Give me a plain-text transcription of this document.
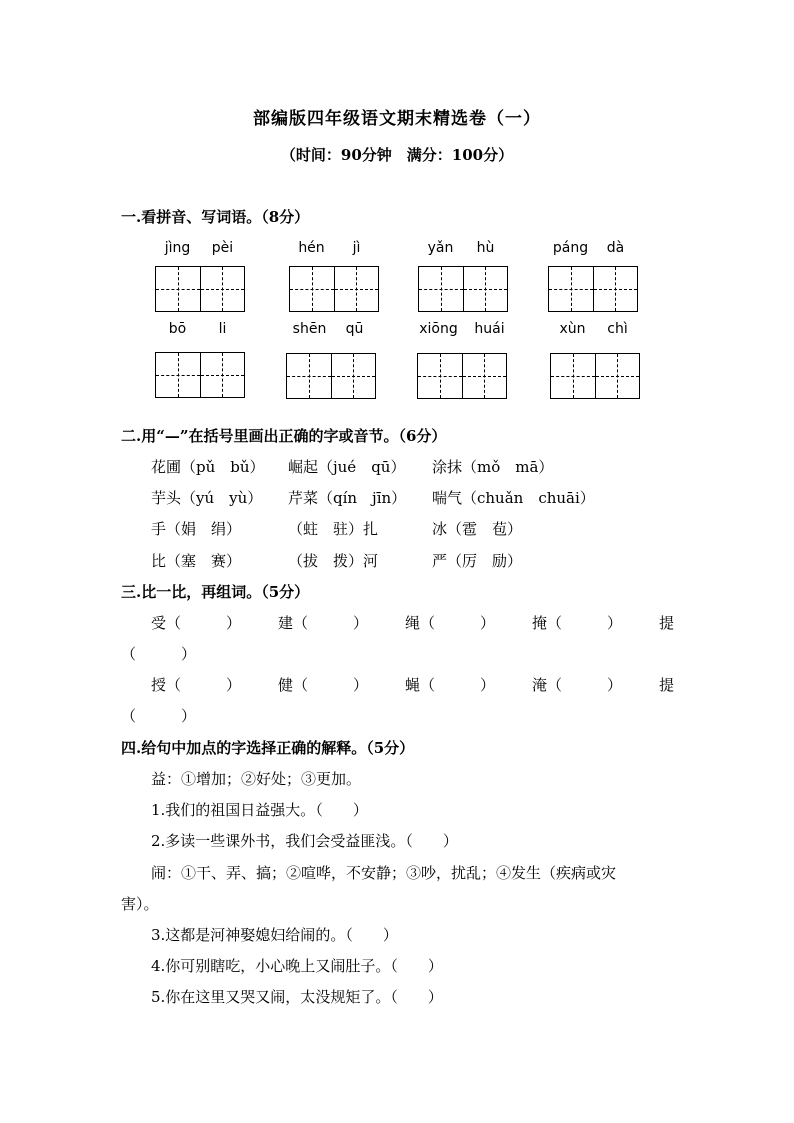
部编版四年级语文期末精选卷（一）
（时间：90分钟　满分：100分）
一.看拼音、写词语。（8分）
jìng pèi	hén jì	yǎn hù	páng dà
bō li	shēn qū	xiōng huái	xùn chì
二.用“—”在括号里画出正确的字或音节。（6分）
花圃（pǔ　bǔ） 崛起（jué　qū） 涂抹（mǒ　mā）
芋头（yú　yù） 芹菜（qín　jīn） 喘气（chuǎn　chuāi）
手（娟　绢）	（蛀　驻）扎	冰（雹　苞）
比（塞　赛）	（拔　拨）河	严（厉　励）
三.比一比，再组词。（5分）
受（　　　） 建（　　　） 绳（　　　） 掩（　　　） 提
（　　　）
授（　　　） 健（　　　） 蝇（　　　） 淹（　　　） 提
（　　　）
四.给句中加点的字选择正确的解释。（5分）
益：①增加；②好处；③更加。
1.我们的祖国日益强大。（　　）
2.多读一些课外书，我们会受益匪浅。（　　）
闹：①干、弄、搞；②喧哗，不安静；③吵，扰乱；④发生（疾病或灾
害）。
3.这都是河神娶媳妇给闹的。（　　）
4.你可别瞎吃，小心晚上又闹肚子。（　　）
5.你在这里又哭又闹，太没规矩了。（　　）
